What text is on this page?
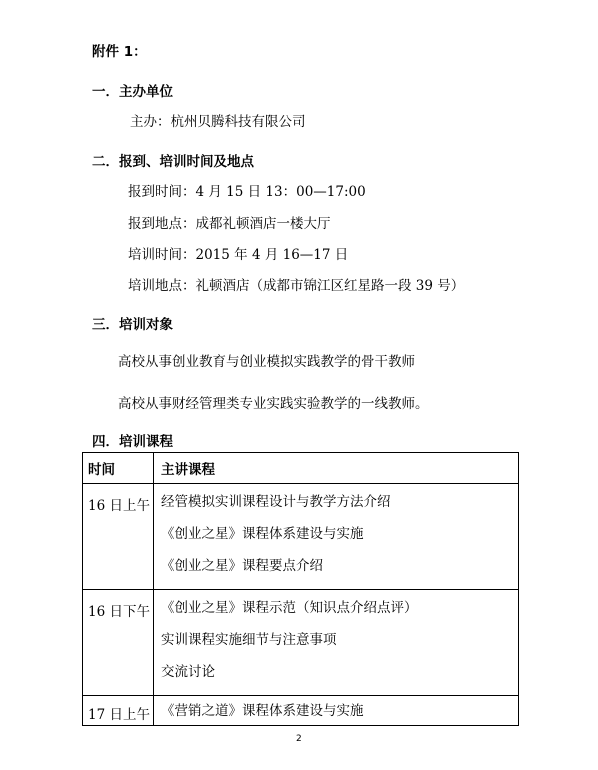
附件 1：
一．主办单位
主办：杭州贝腾科技有限公司
二．报到、培训时间及地点
报到时间：4 月 15 日 13：00—17:00
报到地点：成都礼顿酒店一楼大厅
培训时间：2015 年 4 月 16—17 日
培训地点：礼顿酒店（成都市锦江区红星路一段 39 号）
三．培训对象
高校从事创业教育与创业模拟实践教学的骨干教师
高校从事财经管理类专业实践实验教学的一线教师。
四．培训课程
时间	主讲课程
16 日上午	经管模拟实训课程设计与教学方法介绍
《创业之星》课程体系建设与实施
《创业之星》课程要点介绍

16 日下午	《创业之星》课程示范（知识点介绍点评）
实训课程实施细节与注意事项
交流讨论

17 日上午	《营销之道》课程体系建设与实施
2
